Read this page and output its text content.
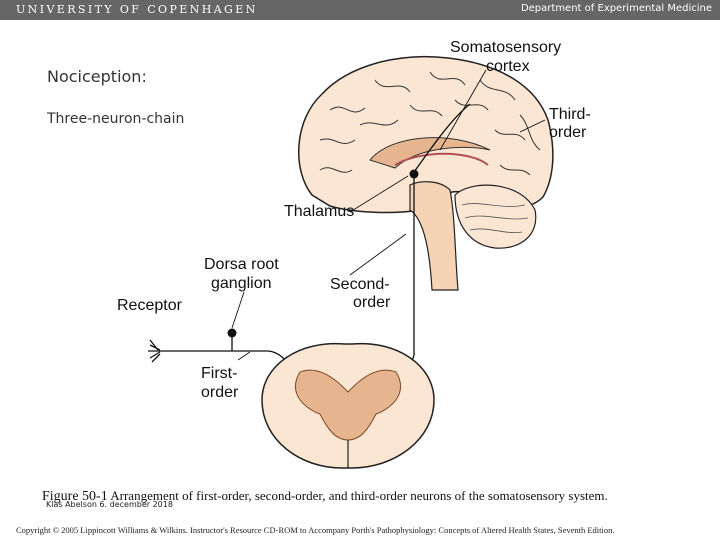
UNIVERSITY OF COPENHAGEN	Department of Experimental Medicine
Nociception:
Three-neuron-chain
Somatosensory
cortex
Third-
order
Thalamus
Dorsa root
ganglion	Second-
order
Receptor
First-
order
Figure 50-1 Arrangement of first-order, second-order, and third-order neurons of the somatosensory system.
Klas Abelson 6. december 2018
Copyright © 2005 Lippincott Williams & Wilkins. Instructor's Resource CD-ROM to Accompany Porth's Pathophysiology: Concepts of Altered Health States, Seventh Edition.
